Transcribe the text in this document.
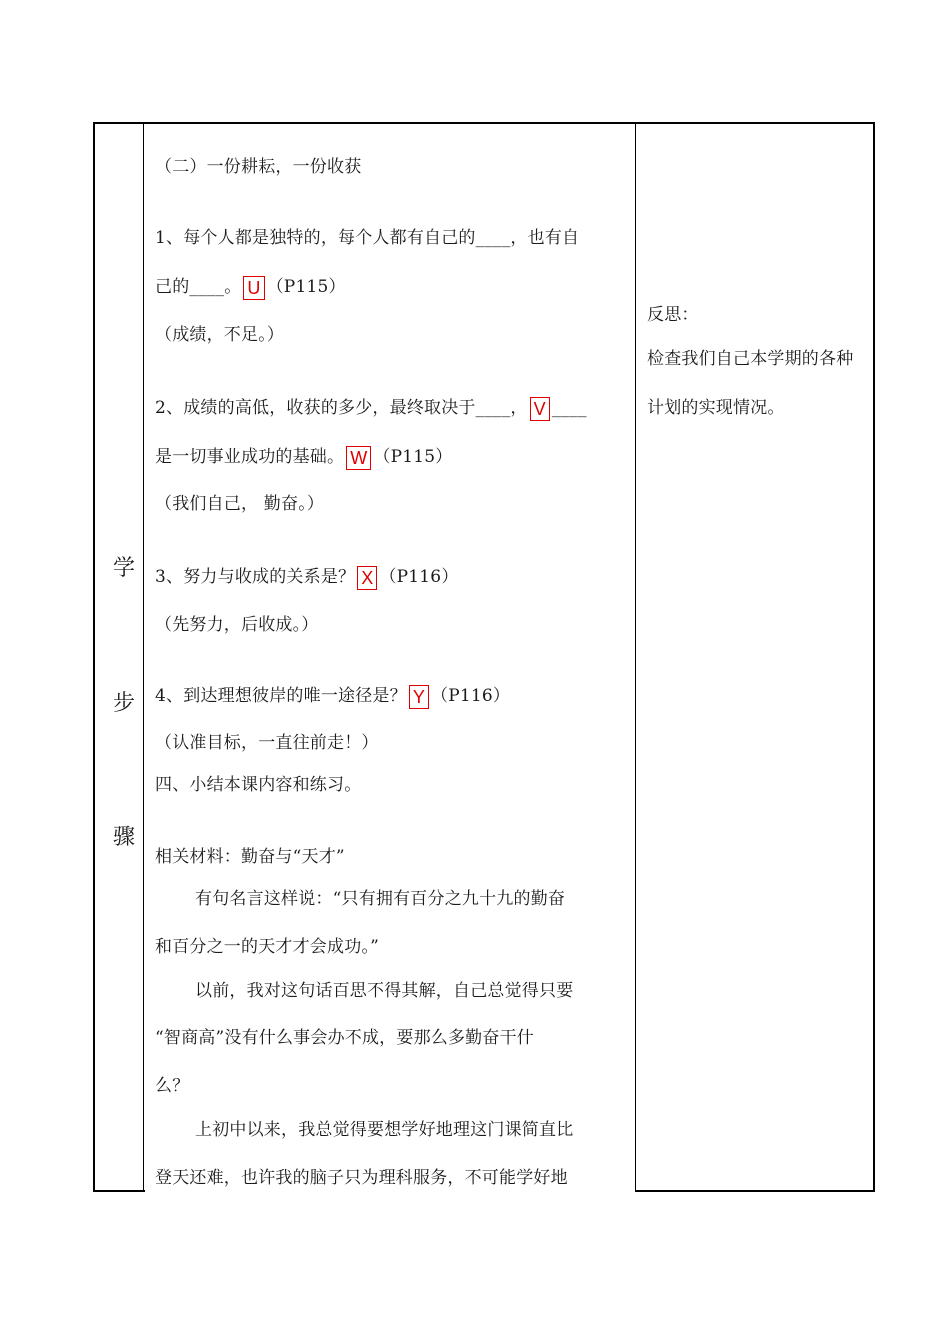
学
步
骤
（二）一份耕耘，一份收获
1、每个人都是独特的，每个人都有自己的____，也有自
己的____。 U （P115）
（成绩，不足。）
2、成绩的高低，收获的多少，最终取决于____， V ____
是一切事业成功的基础。 W （P115）
（我们自己， 勤奋。）
3、努力与收成的关系是？ X （P116）
（先努力，后收成。）
4、到达理想彼岸的唯一途径是？ Y （P116）
（认准目标，一直往前走！）
四、小结本课内容和练习。
相关材料：勤奋与“天才”
有句名言这样说：“只有拥有百分之九十九的勤奋
和百分之一的天才才会成功。”
以前，我对这句话百思不得其解，自己总觉得只要
“智商高”没有什么事会办不成，要那么多勤奋干什
么？
上初中以来，我总觉得要想学好地理这门课简直比
登天还难，也许我的脑子只为理科服务，不可能学好地
反思：
检查我们自己本学期的各种
计划的实现情况。
